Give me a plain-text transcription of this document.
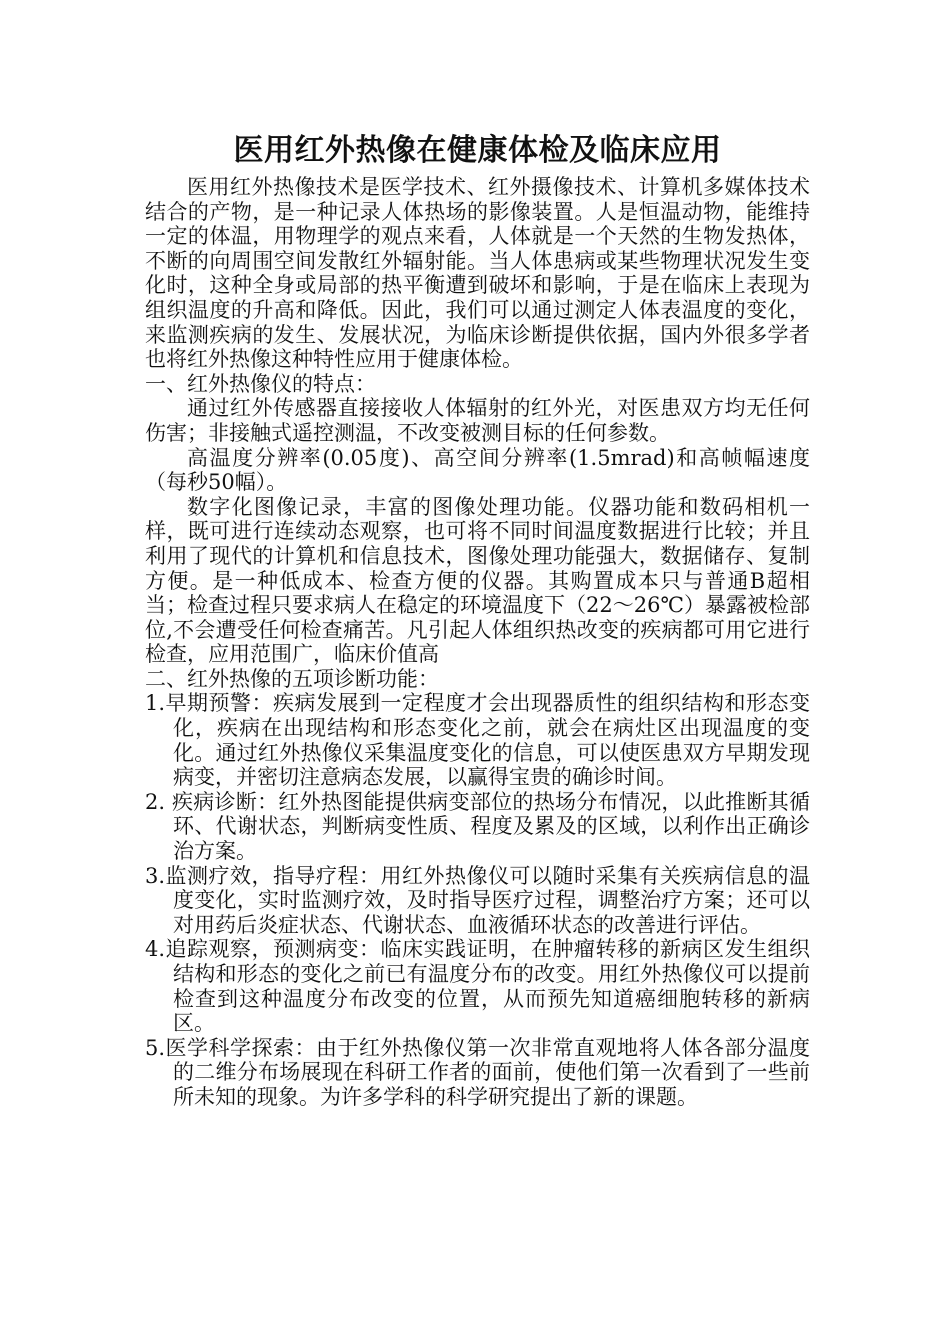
医用红外热像在健康体检及临床应用

医用红外热像技术是医学技术、红外摄像技术、计算机多媒体技术结合的产物，是一种记录人体热场的影像装置。人是恒温动物，能维持一定的体温，用物理学的观点来看，人体就是一个天然的生物发热体，不断的向周围空间发散红外辐射能。当人体患病或某些物理状况发生变化时，这种全身或局部的热平衡遭到破坏和影响，于是在临床上表现为组织温度的升高和降低。因此，我们可以通过测定人体表温度的变化，来监测疾病的发生、发展状况，为临床诊断提供依据，国内外很多学者也将红外热像这种特性应用于健康体检。

一、红外热像仪的特点：

通过红外传感器直接接收人体辐射的红外光，对医患双方均无任何伤害；非接触式遥控测温，不改变被测目标的任何参数。

高温度分辨率(0.05度)、高空间分辨率(1.5mrad)和高帧幅速度（每秒50幅）。

数字化图像记录，丰富的图像处理功能。仪器功能和数码相机一样，既可进行连续动态观察，也可将不同时间温度数据进行比较；并且利用了现代的计算机和信息技术，图像处理功能强大，数据储存、复制方便。是一种低成本、检查方便的仪器。其购置成本只与普通B超相当；检查过程只要求病人在稳定的环境温度下（22～26℃）暴露被检部位,不会遭受任何检查痛苦。凡引起人体组织热改变的疾病都可用它进行检查，应用范围广，临床价值高

二、红外热像的五项诊断功能：

1.早期预警：疾病发展到一定程度才会出现器质性的组织结构和形态变化，疾病在出现结构和形态变化之前，就会在病灶区出现温度的变化。通过红外热像仪采集温度变化的信息，可以使医患双方早期发现病变，并密切注意病态发展，以赢得宝贵的确诊时间。

2. 疾病诊断：红外热图能提供病变部位的热场分布情况，以此推断其循环、代谢状态，判断病变性质、程度及累及的区域，以利作出正确诊治方案。

3.监测疗效，指导疗程：用红外热像仪可以随时采集有关疾病信息的温度变化，实时监测疗效，及时指导医疗过程，调整治疗方案；还可以对用药后炎症状态、代谢状态、血液循环状态的改善进行评估。

4.追踪观察，预测病变：临床实践证明，在肿瘤转移的新病区发生组织结构和形态的变化之前已有温度分布的改变。用红外热像仪可以提前检查到这种温度分布改变的位置，从而预先知道癌细胞转移的新病区。

5.医学科学探索：由于红外热像仪第一次非常直观地将人体各部分温度的二维分布场展现在科研工作者的面前，使他们第一次看到了一些前所未知的现象。为许多学科的科学研究提出了新的课题。
